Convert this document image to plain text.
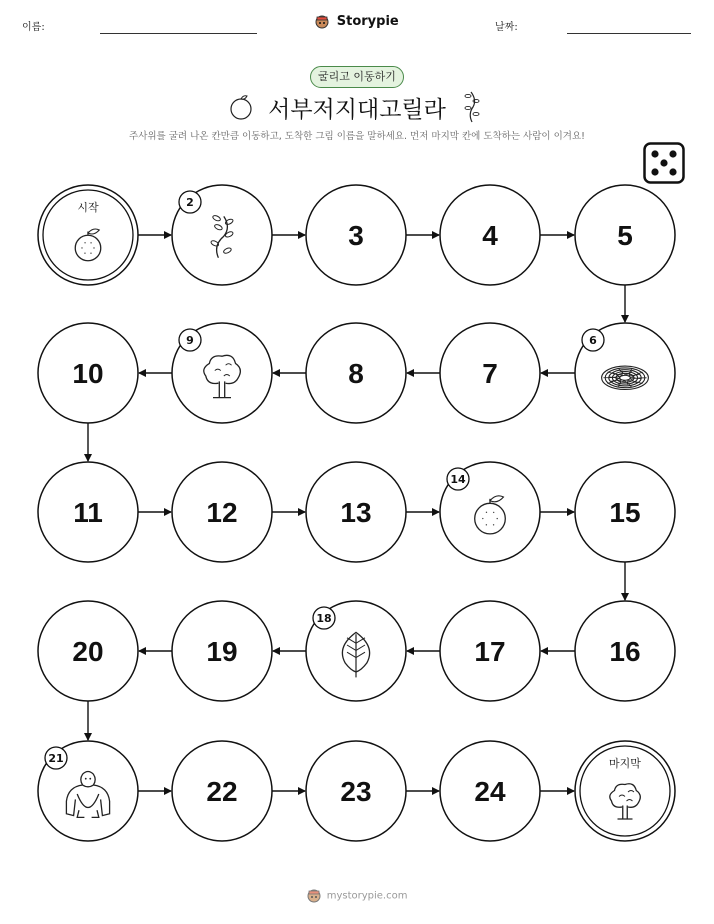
이름:	Storypie	날짜:
굴리고 이동하기
서부저지대고릴라
주사위를 굴려 나온 칸만큼 이동하고, 도착한 그림 이름을 말하세요. 먼저 마지막 칸에 도착하는 사람이 이겨요!
시작	2
3	4	5
6
7
8
9
10
11	12	13
14
15
16
17
18
19
20
21
22	23	24
마지막
mystorypie.com
